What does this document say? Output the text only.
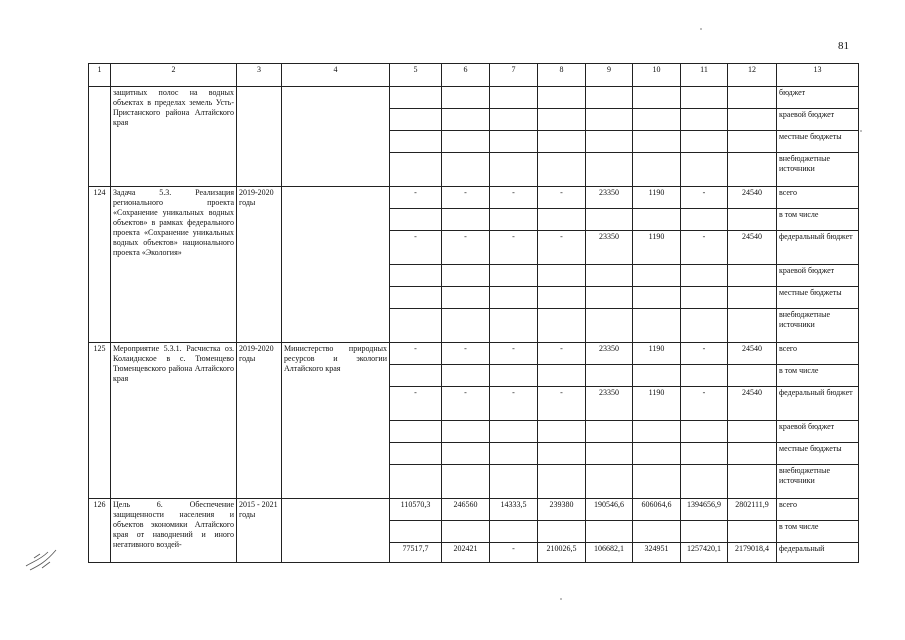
81
1	2	3	4	5	6	7	8	9	10	11	12	13
	защитных полос на водных объектах в пределах земель Усть-Пристанского района Алтайского края											бюджет
												краевой бюджет
												местные бюджеты
												внебюджетные источники
124	Задача 5.3. Реализация регионального проекта «Сохранение уникальных водных объектов» в рамках федерального проекта «Сохранение уникальных водных объектов» национального проекта «Экология»	2019-2020 годы		-	-	-	-	23350	1190	-	24540	всего
												в том числе
				-	-	-	-	23350	1190	-	24540	федеральный бюджет
												краевой бюджет
												местные бюджеты
												внебюджетные источники
125	Мероприятие 5.3.1. Расчистка оз. Колаиднское в с. Тюменцево Тюменцевского района Алтайского края	2019-2020 годы	Министерство природных ресурсов и экологии Алтайского края	-	-	-	-	23350	1190	-	24540	всего
												в том числе
				-	-	-	-	23350	1190	-	24540	федеральный бюджет
												краевой бюджет
												местные бюджеты
												внебюджетные источники
126	Цель 6. Обеспечение защищенности населения и объектов экономики Алтайского края от наводнений и иного негативного воздей-	2015 - 2021 годы		110570,3	246560	14333,5	239380	190546,6	606064,6	1394656,9	2802111,9	всего
												в том числе
				77517,7	202421	-	210026,5	106682,1	324951	1257420,1	2179018,4	федеральный
